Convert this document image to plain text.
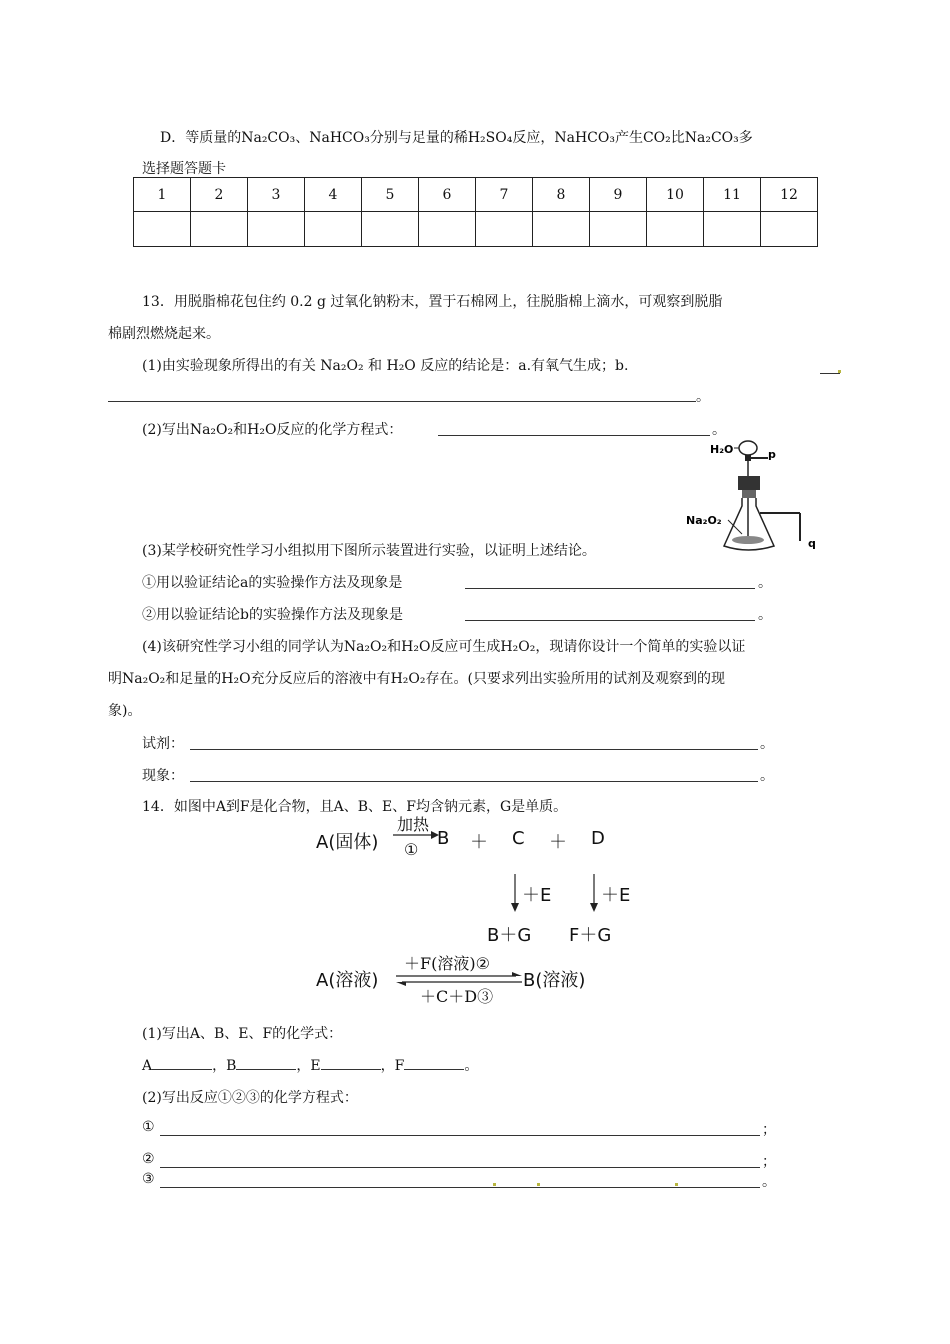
D．等质量的Na₂CO₃、NaHCO₃分别与足量的稀H₂SO₄反应，NaHCO₃产生CO₂比Na₂CO₃多
选择题答题卡
1	2	3	4	5	6	7	8	9	10	11	12

13．用脱脂棉花包住约 0.2 g 过氧化钠粉末，置于石棉网上，往脱脂棉上滴水，可观察到脱脂
棉剧烈燃烧起来。
(1)由实验现象所得出的有关 Na₂O₂ 和 H₂O 反应的结论是：a.有氧气生成；b.
。
(2)写出Na₂O₂和H₂O反应的化学方程式：	。
H₂O	p
Na₂O₂
q
(3)某学校研究性学习小组拟用下图所示装置进行实验，以证明上述结论。
①用以验证结论a的实验操作方法及现象是	。
②用以验证结论b的实验操作方法及现象是	。
(4)该研究性学习小组的同学认为Na₂O₂和H₂O反应可生成H₂O₂，现请你设计一个简单的实验以证
明Na₂O₂和足量的H₂O充分反应后的溶液中有H₂O₂存在。(只要求列出实验所用的试剂及观察到的现
象)。
试剂：	。
现象：	。
14．如图中A到F是化合物，且A、B、E、F均含钠元素，G是单质。
A(固体)
加热
①
B ＋ C ＋ D
＋E	＋E
B＋G F＋G
A(溶液)
＋F(溶液)②
＋C＋D③
B(溶液)
(1)写出A、B、E、F的化学式：
A	，B	，E	，F	。
(2)写出反应①②③的化学方程式：
①	；
②	；
③	。
